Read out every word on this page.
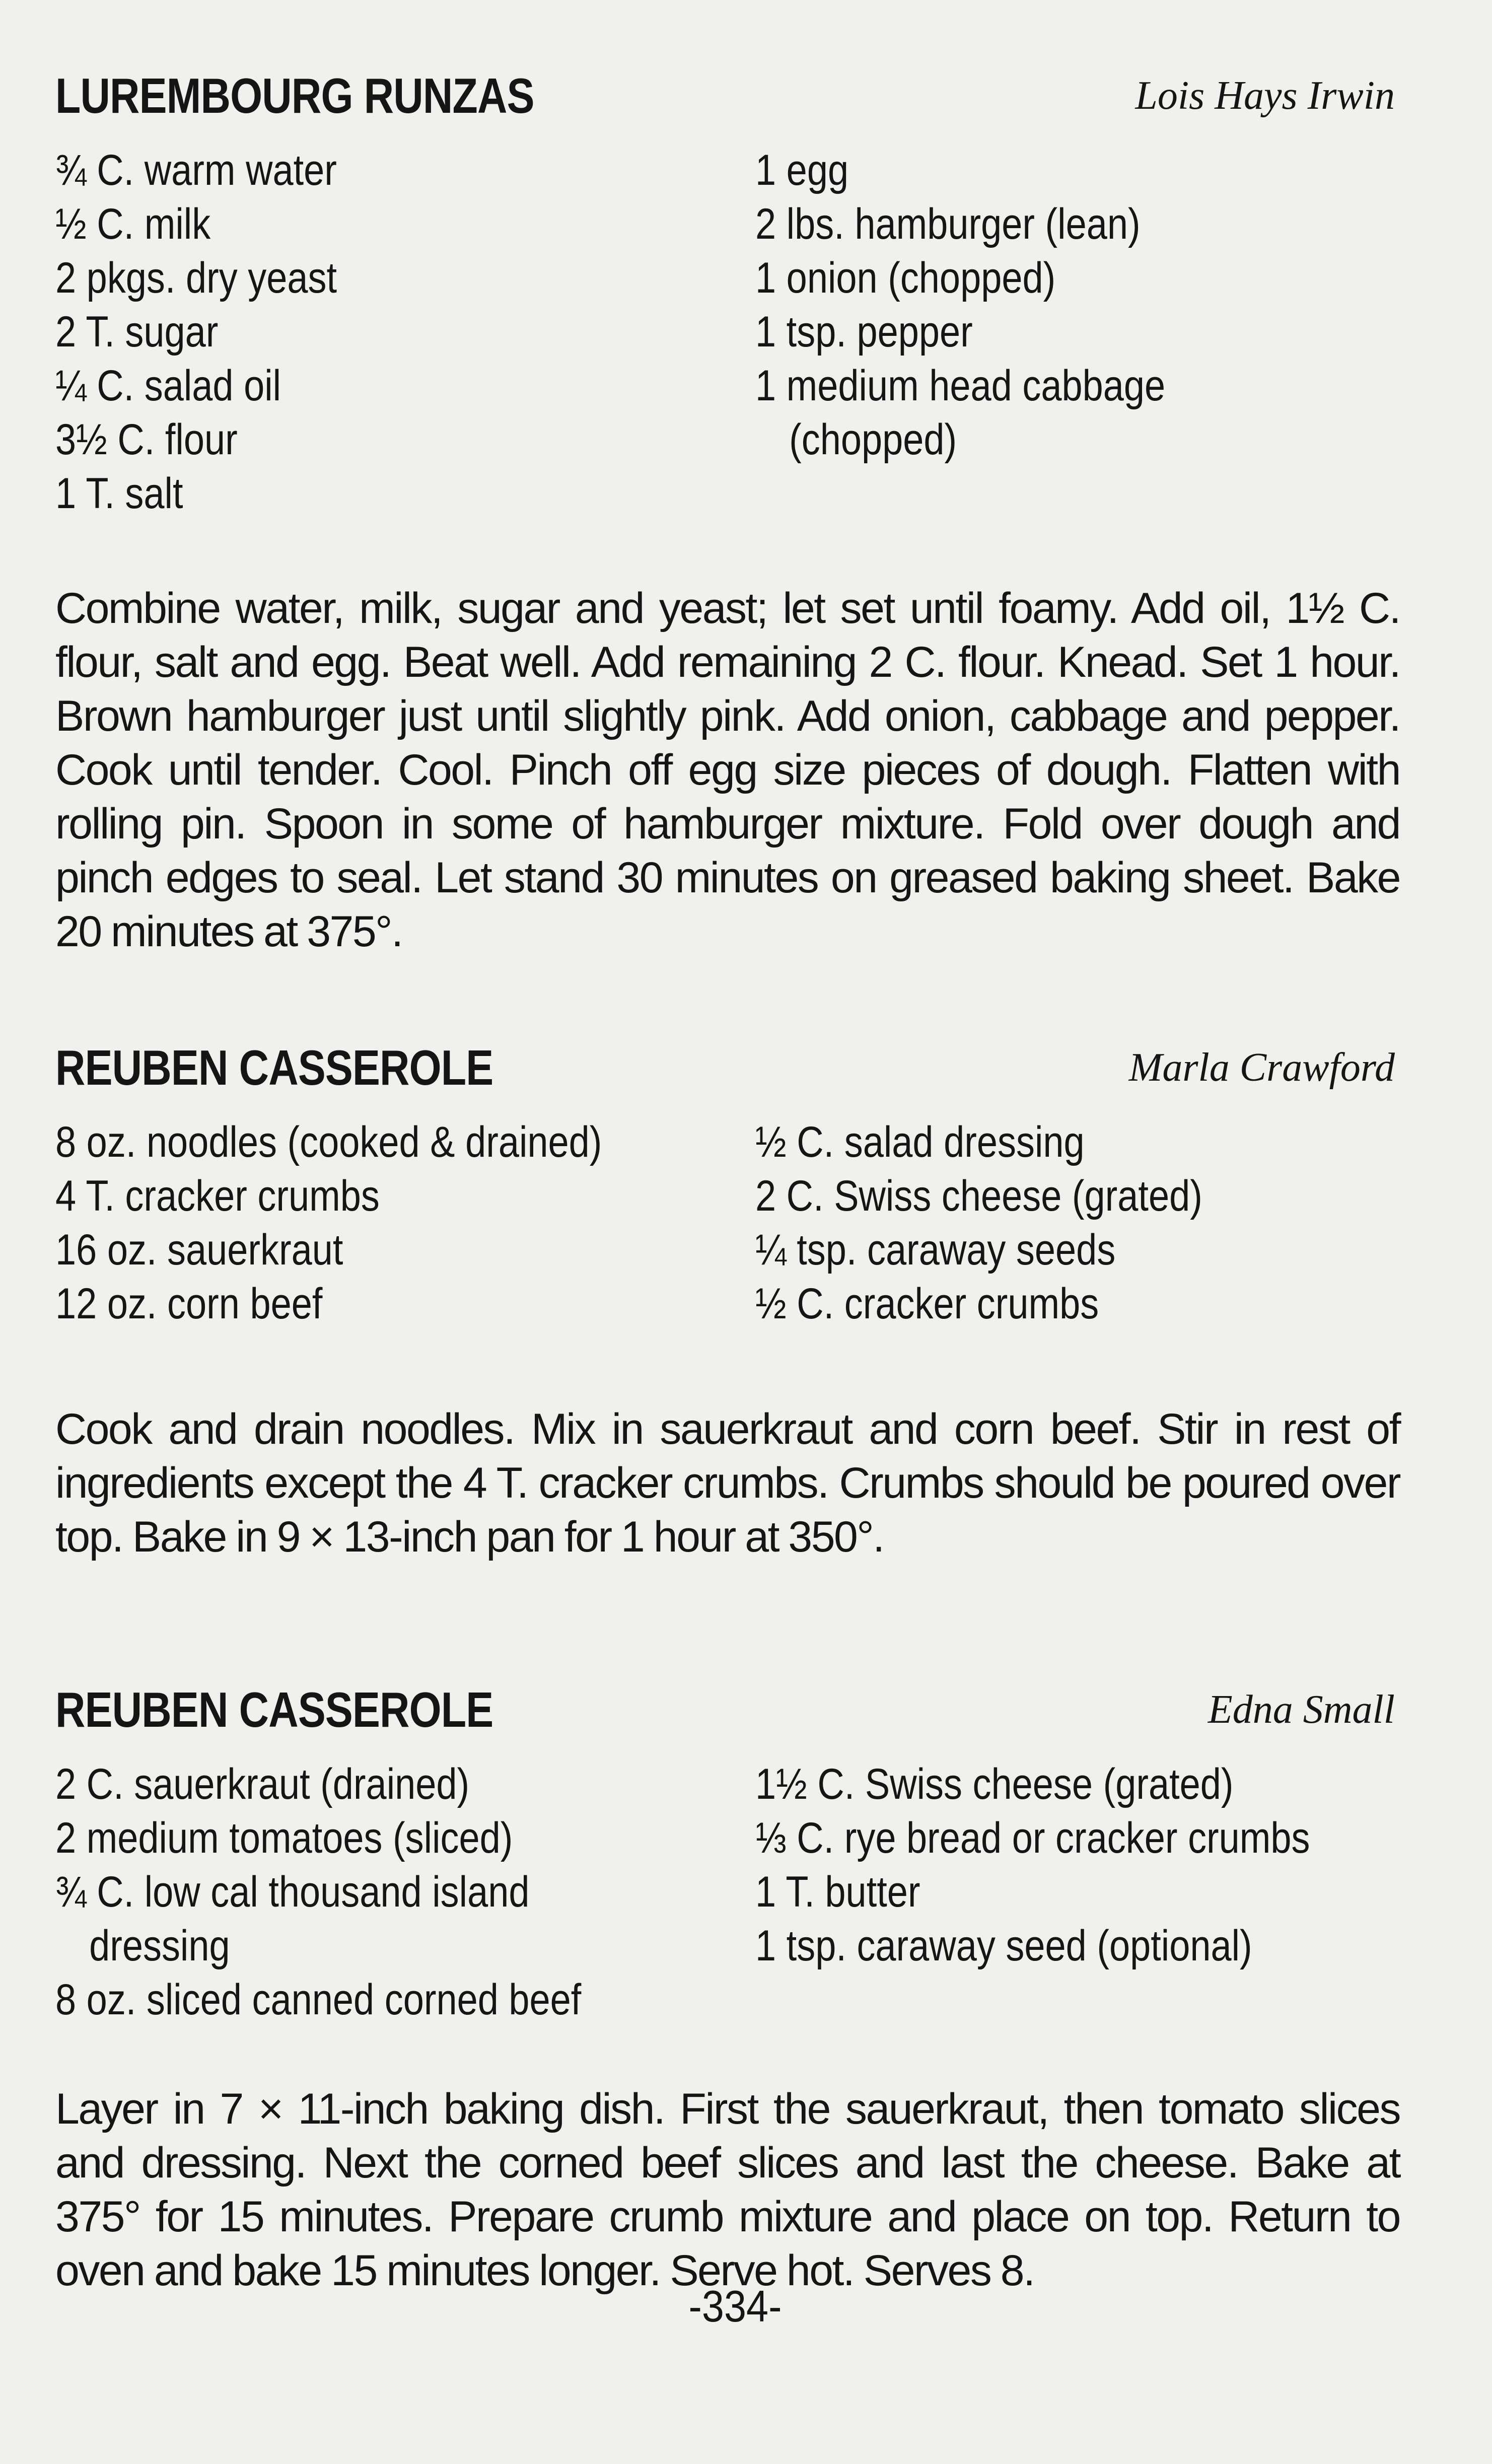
LUREMBOURG RUNZAS	Lois Hays Irwin
¾ C. warm water
½ C. milk
2 pkgs. dry yeast
2 T. sugar
¼ C. salad oil
3½ C. flour
1 T. salt
1 egg
2 lbs. hamburger (lean)
1 onion (chopped)
1 tsp. pepper
1 medium head cabbage
(chopped)
Combine water, milk, sugar and yeast; let set until foamy. Add oil, 1½ C. flour, salt and egg. Beat well. Add remaining 2 C. flour. Knead. Set 1 hour. Brown hamburger just until slightly pink. Add onion, cabbage and pepper. Cook until tender. Cool. Pinch off egg size pieces of dough. Flatten with rolling pin. Spoon in some of hamburger mixture. Fold over dough and pinch edges to seal. Let stand 30 minutes on greased baking sheet. Bake 20 minutes at 375°.
REUBEN CASSEROLE	Marla Crawford
8 oz. noodles (cooked & drained)
4 T. cracker crumbs
16 oz. sauerkraut
12 oz. corn beef
½ C. salad dressing
2 C. Swiss cheese (grated)
¼ tsp. caraway seeds
½ C. cracker crumbs
Cook and drain noodles. Mix in sauerkraut and corn beef. Stir in rest of ingredients except the 4 T. cracker crumbs. Crumbs should be poured over top. Bake in 9 × 13-inch pan for 1 hour at 350°.
REUBEN CASSEROLE	Edna Small
2 C. sauerkraut (drained)
2 medium tomatoes (sliced)
¾ C. low cal thousand island
dressing
8 oz. sliced canned corned beef
1½ C. Swiss cheese (grated)
⅓ C. rye bread or cracker crumbs
1 T. butter
1 tsp. caraway seed (optional)
Layer in 7 × 11-inch baking dish. First the sauerkraut, then tomato slices and dressing. Next the corned beef slices and last the cheese. Bake at 375° for 15 minutes. Prepare crumb mixture and place on top. Return to oven and bake 15 minutes longer. Serve hot. Serves 8.
-334-
